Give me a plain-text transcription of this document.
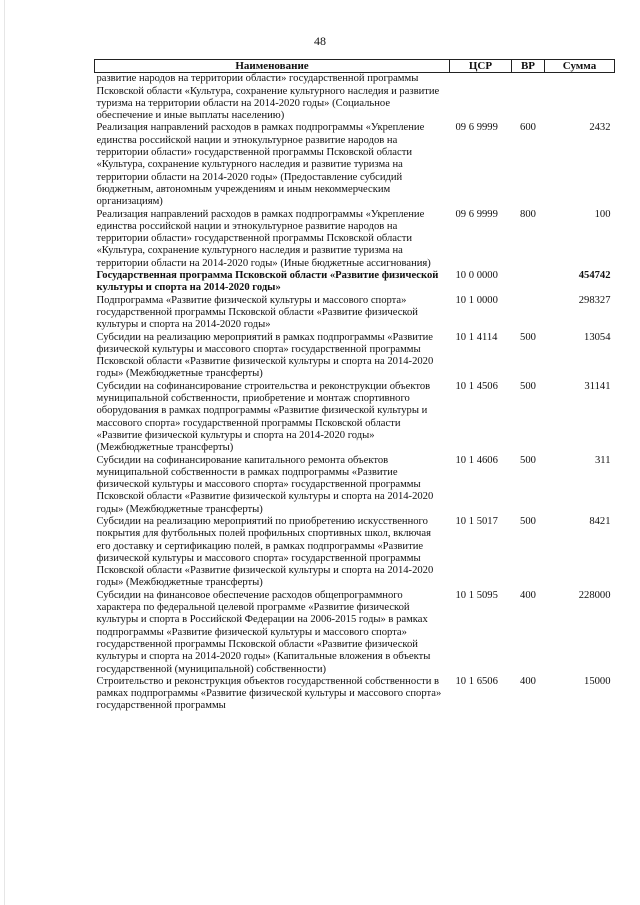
48
Наименование	ЦСР	ВР	Сумма
развитие народов на территории области» государственной программы Псковской области «Культура, сохранение культурного наследия и развитие туризма на территории области на 2014-2020 годы» (Социальное обеспечение и иные выплаты населению)			
Реализация направлений расходов в рамках подпрограммы «Укрепление единства российской нации и этнокультурное развитие народов на территории области» государственной программы Псковской области «Культура, сохранение культурного наследия и развитие туризма на территории области на 2014-2020 годы» (Предоставление субсидий бюджетным, автономным учреждениям и иным некоммерческим организациям)	09 6 9999	600	2432
Реализация направлений расходов в рамках подпрограммы «Укрепление единства российской нации и этнокультурное развитие народов на территории области» государственной программы Псковской области «Культура, сохранение культурного наследия и развитие туризма на территории области на 2014-2020 годы» (Иные бюджетные ассигнования)	09 6 9999	800	100
Государственная программа Псковской области «Развитие физической культуры и спорта на 2014-2020 годы»	10 0 0000		454742
Подпрограмма «Развитие физической культуры и массового спорта» государственной программы Псковской области «Развитие физической культуры и спорта на 2014-2020 годы»	10 1 0000		298327
Субсидии на реализацию мероприятий в рамках подпрограммы «Развитие физической культуры и массового спорта» государственной программы Псковской области «Развитие физической культуры и спорта на 2014-2020 годы» (Межбюджетные трансферты)	10 1 4114	500	13054
Субсидии на софинансирование строительства и реконструкции объектов муниципальной собственности, приобретение и монтаж спортивного оборудования в рамках подпрограммы «Развитие физической культуры и массового спорта» государственной программы Псковской области «Развитие физической культуры и спорта на 2014-2020 годы» (Межбюджетные трансферты)	10 1 4506	500	31141
Субсидии на софинансирование капитального ремонта объектов муниципальной собственности в рамках подпрограммы «Развитие физической культуры и массового спорта» государственной программы Псковской области «Развитие физической культуры и спорта на 2014-2020 годы» (Межбюджетные трансферты)	10 1 4606	500	311
Субсидии на реализацию мероприятий по приобретению искусственного покрытия для футбольных полей профильных спортивных школ, включая его доставку и сертификацию полей, в рамках подпрограммы «Развитие физической культуры и массового спорта» государственной программы Псковской области «Развитие физической культуры и спорта на 2014-2020 годы» (Межбюджетные трансферты)	10 1 5017	500	8421
Субсидии на финансовое обеспечение расходов общепрограммного характера по федеральной целевой программе «Развитие физической культуры и спорта в Российской Федерации на 2006-2015 годы» в рамках подпрограммы «Развитие физической культуры и массового спорта» государственной программы Псковской области «Развитие физической культуры и спорта на 2014-2020 годы» (Капитальные вложения в объекты государственной (муниципальной) собственности)	10 1 5095	400	228000
Строительство и реконструкция объектов государственной собственности в рамках подпрограммы «Развитие физической культуры и массового спорта» государственной программы	10 1 6506	400	15000
